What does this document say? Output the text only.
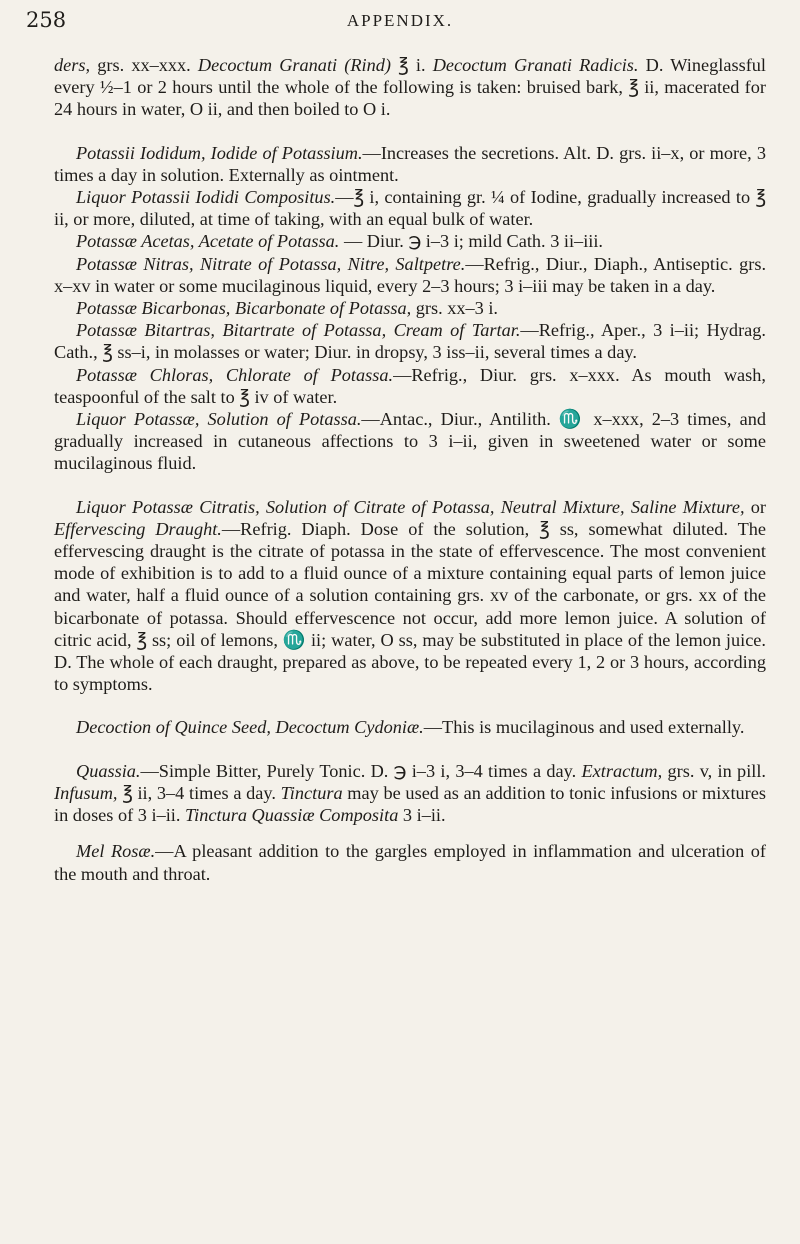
258	APPENDIX.

ders, grs. xx–xxx. Decoctum Granati (Rind) ℥ i. Decoctum Granati Radicis. D. Wineglassful every ½–1 or 2 hours until the whole of the following is taken: bruised bark, ℥ ii, macerated for 24 hours in water, O ii, and then boiled to O i.

Potassii Iodidum, Iodide of Potassium.—Increases the secretions. Alt. D. grs. ii–x, or more, 3 times a day in solution. Externally as ointment.

Liquor Potassii Iodidi Compositus.—℥ i, containing gr. ¼ of Iodine, gradually increased to ℥ ii, or more, diluted, at time of taking, with an equal bulk of water.

Potassæ Acetas, Acetate of Potassa. — Diur. ℈ i–3 i; mild Cath. 3 ii–iii.

Potassæ Nitras, Nitrate of Potassa, Nitre, Saltpetre.—Refrig., Diur., Diaph., Antiseptic. grs. x–xv in water or some mucilaginous liquid, every 2–3 hours; 3 i–iii may be taken in a day.

Potassæ Bicarbonas, Bicarbonate of Potassa, grs. xx–3 i.

Potassæ Bitartras, Bitartrate of Potassa, Cream of Tartar.—Refrig., Aper., 3 i–ii; Hydrag. Cath., ℥ ss–i, in molasses or water; Diur. in dropsy, 3 iss–ii, several times a day.

Potassæ Chloras, Chlorate of Potassa.—Refrig., Diur. grs. x–xxx. As mouth wash, teaspoonful of the salt to ℥ iv of water.

Liquor Potassæ, Solution of Potassa.—Antac., Diur., Antilith. ♏ x–xxx, 2–3 times, and gradually increased in cutaneous affections to 3 i–ii, given in sweetened water or some mucilaginous fluid.

Liquor Potassæ Citratis, Solution of Citrate of Potassa, Neutral Mixture, Saline Mixture, or Effervescing Draught.—Refrig. Diaph. Dose of the solution, ℥ ss, somewhat diluted. The effervescing draught is the citrate of potassa in the state of effervescence. The most convenient mode of exhibition is to add to a fluid ounce of a mixture containing equal parts of lemon juice and water, half a fluid ounce of a solution containing grs. xv of the carbonate, or grs. xx of the bicarbonate of potassa. Should effervescence not occur, add more lemon juice. A solution of citric acid, ℥ ss; oil of lemons, ♏ ii; water, O ss, may be substituted in place of the lemon juice. D. The whole of each draught, prepared as above, to be repeated every 1, 2 or 3 hours, according to symptoms.

Decoction of Quince Seed, Decoctum Cydoniæ.—This is mucilaginous and used externally.

Quassia.—Simple Bitter, Purely Tonic. D. ℈ i–3 i, 3–4 times a day. Extractum, grs. v, in pill. Infusum, ℥ ii, 3–4 times a day. Tinctura may be used as an addition to tonic infusions or mixtures in doses of 3 i–ii. Tinctura Quassiæ Composita 3 i–ii.

Mel Rosæ.—A pleasant addition to the gargles employed in inflammation and ulceration of the mouth and throat.
